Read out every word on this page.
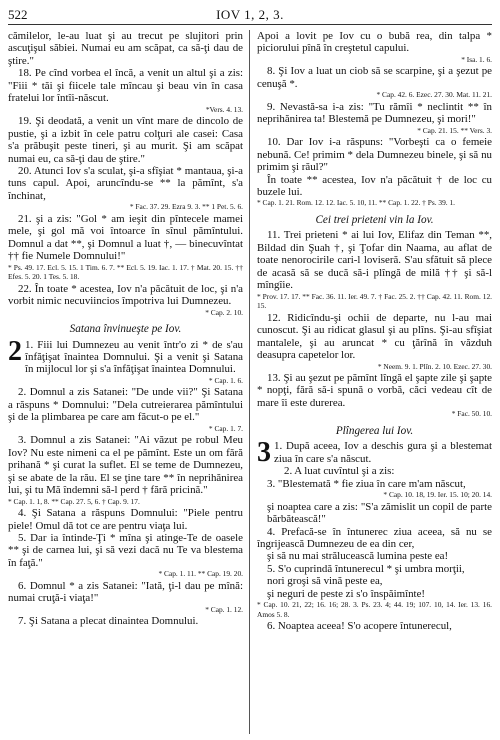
522	IOV 1, 2, 3.

cămilelor, le-au luat şi au trecut pe slujitori prin ascuţişul săbiei. Numai eu am scăpat, ca să-ţi dau de ştire."

18. Pe cînd vorbea el încă, a venit un altul şi a zis: "Fiii * tăi şi fiicele tale mîncau şi beau vin în casa fratelui lor întîi-născut.

*Vers. 4. 13.

19. Şi deodată, a venit un vînt mare de dincolo de pustie, şi a izbit în cele patru colţuri ale casei: Casa s'a prăbuşit peste tineri, şi au murit. Şi am scăpat numai eu, ca să-ţi dau de ştire."

20. Atunci Iov s'a sculat, şi-a sfîşiat * mantaua, şi-a tuns capul. Apoi, aruncîndu-se ** la pămînt, s'a închinat,

* Fac. 37. 29. Ezra 9. 3. ** 1 Pet. 5. 6.

21. şi a zis: "Gol * am ieşit din pîntecele mamei mele, şi gol mă voi întoarce în sînul pămîntului. Domnul a dat **, şi Domnul a luat †, — binecuvîntat †† fie Numele Domnului!"

* Ps. 49. 17. Ecl. 5. 15. 1 Tim. 6. 7. ** Ecl. 5. 19. Iac. 1. 17. † Mat. 20. 15. †† Efes. 5. 20. 1 Tes. 5. 18.

22. În toate * acestea, Iov n'a păcătuit de loc, şi n'a vorbit nimic necuviincios împotriva lui Dumnezeu.

* Cap. 2. 10.

Satana învinueşte pe Iov.

2 1. Fiii lui Dumnezeu au venit într'o zi * de s'au înfăţişat înaintea Domnului. Şi a venit şi Satana în mijlocul lor şi s'a înfăţişat înaintea Domnului.

* Cap. 1. 6.

2. Domnul a zis Satanei: "De unde vii?" Şi Satana a răspuns * Domnului: "Dela cutreierarea pămîntului şi de la plimbarea pe care am făcut-o pe el."

* Cap. 1. 7.

3. Domnul a zis Satanei: "Ai văzut pe robul Meu Iov? Nu este nimeni ca el pe pămînt. Este un om fără prihană * şi curat la suflet. El se teme de Dumnezeu, şi se abate de la rău. El se ţine tare ** în neprihănirea lui, şi tu Mă îndemni să-l perd † fără pricină."

* Cap. 1. 1, 8. ** Cap. 27. 5, 6. † Cap. 9. 17.

4. Şi Satana a răspuns Domnului: "Piele pentru piele! Omul dă tot ce are pentru viaţa lui.

5. Dar ia întinde-Ţi * mîna şi atinge-Te de oasele ** şi de carnea lui, şi să vezi dacă nu Te va blestema în faţă."

* Cap. 1. 11. ** Cap. 19. 20.

6. Domnul * a zis Satanei: "Iată, ţi-l dau pe mînă: numai cruţă-i viaţa!"

* Cap. 1. 12.

7. Şi Satana a plecat dinaintea Domnului.

Apoi a lovit pe Iov cu o bubă rea, din talpa * piciorului pînă în creştetul capului.

* Isa. 1. 6.

8. Şi Iov a luat un ciob să se scarpine, şi a şezut pe cenuşă *.

* Cap. 42. 6. Ezec. 27. 30. Mat. 11. 21.

9. Nevastă-sa i-a zis: "Tu rămîi * neclintit ** în neprihănirea ta! Blestemă pe Dumnezeu, şi mori!"

* Cap. 21. 15. ** Vers. 3.

10. Dar Iov i-a răspuns: "Vorbeşti ca o femeie nebună. Ce! primim * dela Dumnezeu binele, şi să nu primim şi răul?"

În toate ** acestea, Iov n'a păcătuit † de loc cu buzele lui.

* Cap. 1. 21. Rom. 12. 12. Iac. 5. 10, 11. ** Cap. 1. 22. † Ps. 39. 1.

Cei trei prieteni vin la Iov.

11. Trei prieteni * ai lui Iov, Elifaz din Teman **, Bildad din Şuah †, şi Ţofar din Naama, au aflat de toate nenorocirile cari-l loviseră. S'au sfătuit să plece de acasă să se ducă să-i plîngă de milă †† şi să-l mîngîie.

* Prov. 17. 17. ** Fac. 36. 11. Ier. 49. 7. † Fac. 25. 2. †† Cap. 42. 11. Rom. 12. 15.

12. Ridicîndu-şi ochii de departe, nu l-au mai cunoscut. Şi au ridicat glasul şi au plîns. Şi-au sfîşiat mantalele, şi au aruncat * cu ţărînă în văzduh deasupra capetelor lor.

* Neem. 9. 1. Plîn. 2. 10. Ezec. 27. 30.

13. Şi au şezut pe pămînt lîngă el şapte zile şi şapte * nopţi, fără să-i spună o vorbă, căci vedeau cît de mare îi este durerea.

* Fac. 50. 10.

Plîngerea lui Iov.

3 1. După aceea, Iov a deschis gura şi a blestemat ziua în care s'a născut.

2. A luat cuvîntul şi a zis:

3. "Blestemată * fie ziua în care m'am născut,

* Cap. 10. 18, 19. Ier. 15. 10; 20. 14.

şi noaptea care a zis: "S'a zămislit un copil de parte bărbătească!"

4. Prefacă-se în întunerec ziua aceea, să nu se îngrijească Dumnezeu de ea din cer,

şi să nu mai strălucească lumina peste ea!

5. S'o cuprindă întunerecul * şi umbra morţii,

nori groşi să vină peste ea,

şi neguri de peste zi s'o înspăimînte!

* Cap. 10. 21, 22; 16. 16; 28. 3. Ps. 23. 4; 44. 19; 107. 10, 14. Ier. 13. 16. Amos 5. 8.

6. Noaptea aceea! S'o acopere întunerecul,
